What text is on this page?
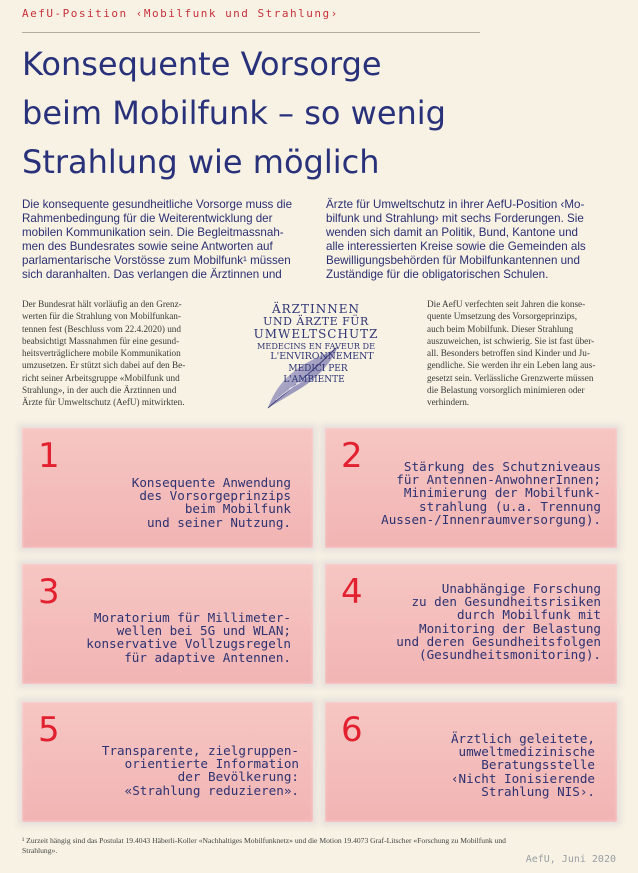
AefU-Position ‹Mobilfunk und Strahlung›
Konsequente Vorsorge
beim Mobilfunk – so wenig
Strahlung wie möglich
Die konsequente gesundheitliche Vorsorge muss die
Rahmenbedingung für die Weiterentwicklung der
mobilen Kommunikation sein. Die Begleitmassnah-
men des Bundesrates sowie seine Antworten auf
parlamentarische Vorstösse zum Mobilfunk¹ müssen
sich daranhalten. Das verlangen die Ärztinnen und
Ärzte für Umweltschutz in ihrer AefU-Position ‹Mo-
bilfunk und Strahlung› mit sechs Forderungen. Sie
wenden sich damit an Politik, Bund, Kantone und
alle interessierten Kreise sowie die Gemeinden als
Bewilligungsbehörden für Mobilfunkantennen und
Zuständige für die obligatorischen Schulen.
Der Bundesrat hält vorläufig an den Grenz-
werten für die Strahlung von Mobilfunkan-
tennen fest (Beschluss vom 22.4.2020) und
beabsichtigt Massnahmen für eine gesund-
heitsverträglichere mobile Kommunikation
umzusetzen. Er stützt sich dabei auf den Be-
richt seiner Arbeitsgruppe «Mobilfunk und
Strahlung», in der auch die Ärztinnen und
Ärzte für Umweltschutz (AefU) mitwirkten.
ÄRZTINNEN
UND ÄRZTE FÜR
UMWELTSCHUTZ
MEDECINS EN FAVEUR DE
L'ENVIRONNEMENT
MEDICI PER
L'AMBIENTE
Die AefU verfechten seit Jahren die konse-
quente Umsetzung des Vorsorgeprinzips,
auch beim Mobilfunk. Dieser Strahlung
auszuweichen, ist schwierig. Sie ist fast über-
all. Besonders betroffen sind Kinder und Ju-
gendliche. Sie werden ihr ein Leben lang aus-
gesetzt sein. Verlässliche Grenzwerte müssen
die Belastung vorsorglich minimieren oder
verhindern.
1
Konsequente Anwendung
des Vorsorgeprinzips
beim Mobilfunk
und seiner Nutzung.
2	Stärkung des Schutzniveaus
für Antennen-AnwohnerInnen;
Minimierung der Mobilfunk-
strahlung (u.a. Trennung
Aussen-/Innenraumversorgung).
3
Moratorium für Millimeter-
wellen bei 5G und WLAN;
konservative Vollzugsregeln
für adaptive Antennen.
4	Unabhängige Forschung
zu den Gesundheitsrisiken
durch Mobilfunk mit
Monitoring der Belastung
und deren Gesundheitsfolgen
(Gesundheitsmonitoring).
5
Transparente, zielgruppen-
orientierte Information
der Bevölkerung:
«Strahlung reduzieren».
6	Ärztlich geleitete,
umweltmedizinische
Beratungsstelle
‹Nicht Ionisierende
Strahlung NIS›.
¹ Zurzeit hängig sind das Postulat 19.4043 Häberli-Koller «Nachhaltiges Mobilfunknetz» und die Motion 19.4073 Graf-Litscher «Forschung zu Mobilfunk und
Strahlung».
AefU, Juni 2020
